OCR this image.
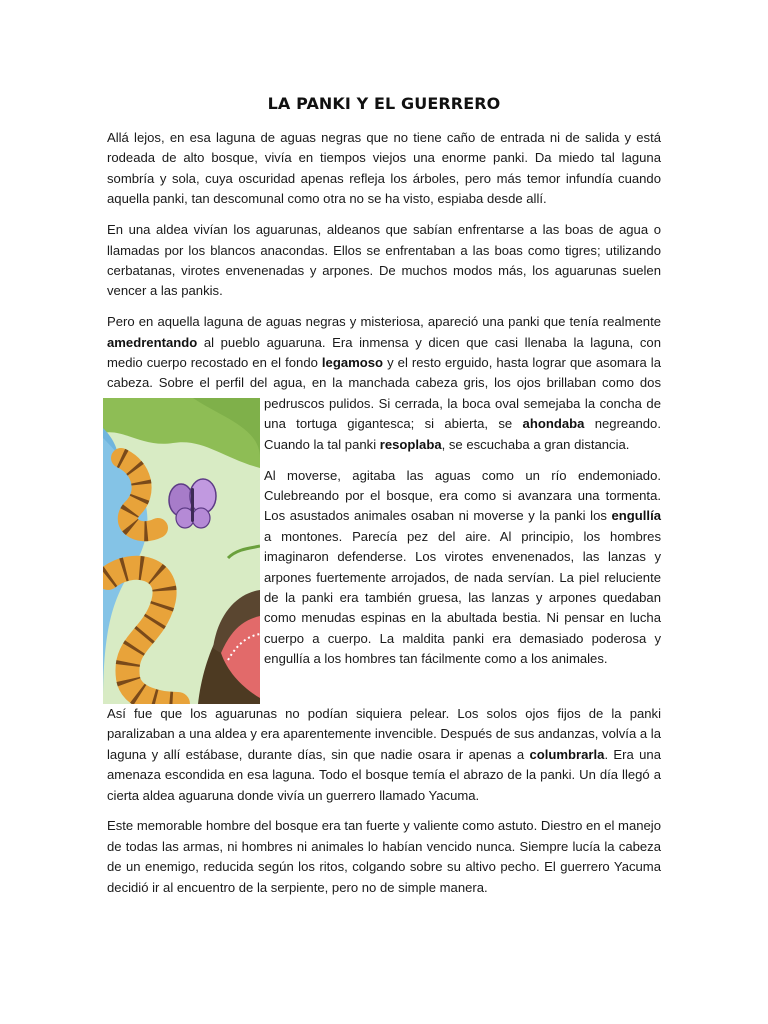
LA PANKI Y EL GUERRERO

Allá lejos, en esa laguna de aguas negras que no tiene caño de entrada ni de salida y está rodeada de alto bosque, vivía en tiempos viejos una enorme panki. Da miedo tal laguna sombría y sola, cuya oscuridad apenas refleja los árboles, pero más temor infundía cuando aquella panki, tan descomunal como otra no se ha visto, espiaba desde allí.

En una aldea vivían los aguarunas, aldeanos que sabían enfrentarse a las boas de agua o llamadas por los blancos anacondas. Ellos se enfrentaban a las boas como tigres; utilizando cerbatanas, virotes envenenadas y arpones. De muchos modos más, los aguarunas suelen vencer a las pankis.

Pero en aquella laguna de aguas negras y misteriosa, apareció una panki que tenía realmente amedrentando al pueblo aguaruna. Era inmensa y dicen que casi llenaba la laguna, con medio cuerpo recostado en el fondo legamoso y el resto erguido, hasta lograr que asomara la cabeza. Sobre el perfil del agua, en la manchada cabeza gris, los ojos
brillaban como dos pedruscos pulidos. Si cerrada, la boca oval semejaba la concha de una tortuga gigantesca; si abierta, se ahondaba negreando. Cuando la tal panki resoplaba, se escuchaba a gran distancia.

Al moverse, agitaba las aguas como un río endemoniado. Culebreando por el bosque, era como si avanzara una tormenta. Los asustados animales osaban ni moverse y la panki los engullía a montones. Parecía pez del aire. Al principio, los hombres imaginaron defenderse. Los virotes envenenados, las lanzas y arpones fuertemente arrojados, de nada servían. La piel reluciente de la panki era también gruesa, las lanzas y arpones quedaban como menudas espinas en la abultada bestia. Ni pensar en lucha cuerpo a cuerpo. La maldita panki era demasiado poderosa y engullía a los hombres tan fácilmente como a los animales.

Así fue que los aguarunas no podían siquiera pelear. Los solos ojos fijos de la panki paralizaban a una aldea y era aparentemente invencible. Después de sus andanzas, volvía a la laguna y allí estábase, durante días, sin que nadie osara ir apenas a columbrarla. Era una amenaza escondida en esa laguna. Todo el bosque temía el abrazo de la panki. Un día llegó a cierta aldea aguaruna donde vivía un guerrero llamado Yacuma.

Este memorable hombre del bosque era tan fuerte y valiente como astuto. Diestro en el manejo de todas las armas, ni hombres ni animales lo habían vencido nunca. Siempre lucía la cabeza de un enemigo, reducida según los ritos, colgando sobre su altivo pecho. El guerrero Yacuma decidió ir al encuentro de la serpiente, pero no de simple manera.
